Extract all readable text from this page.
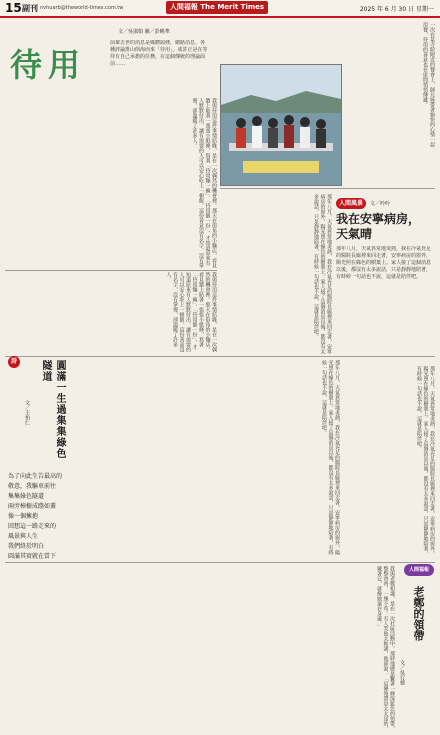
15 副刊 nvhuarb@theworld-times.com.tw	人間福報 The Merit Times	2025 年 6 月 30 日 星期一
待用
文／吳淑娟 圖／彭曉華
前輩去世的消息是媒體頭條，網路消息、各種評論排山倒海而來「待用」，成許正是在等待有自己承擔的任務，在這個傳統的理論面前……

我與待用這件事情結緣，是在一次偶然的機會裡。那天在街角的小麵店，看見牆上貼著一張張小紙條，寫著「待用麵一碗」、「待用飯一份」，才知道原來有人默默付出，讓有需要的人可以安心吃上一頓飯。這份善意沒有名字，沒有掌聲，卻溫暖了許多人。

我與待用這件事情結緣，是在一次偶然的機會裡。那天在街角的小麵店，看見牆上貼著一張張小紙條，寫著「待用麵一碗」、「待用飯一份」，才知道原來有人默默付出，讓有需要的人可以安心吃上一頓飯。這份善意沒有名字，沒有掌聲，卻溫暖了許多人。

一次在某寺院附近的餐會上，師兄姊帶著愉快的心情一起用餐，待用的善意也在席間悄悄傳遞。
人間風景	文／吟吟
我在安寧病房，天氣晴

那年八月，天氣異常地炎熱，我在冷氣充足的醫院長廊裡來回走著，安寧病房的窗外，陽光照在綠色的樹葉上。家人接了這個消息以後，都沒有太多說話，只是靜靜地陪著，有時候一句話也不說，這就是陪伴吧。	那年八月，天氣異常地炎熱，我在冷氣充足的醫院長廊裡來回走著，安寧病房的窗外，陽光照在綠色的樹葉上。家人接了這個消息以後，都沒有太多說話，只是靜靜地陪著，有時候一句話也不說，這就是陪伴吧。
詩	圓滿一生過集集綠色隧道
文／王怡仁
為了向此生告最高的
敬意，我驅車前往
集集綠色隧道
兩旁樟樹成蔭如蓋
像一個擁抱
回想這一路走來的
風景與人生
我們終於明白
圓滿其實就在當下

那年八月，天氣異常地炎熱，我在冷氣充足的醫院長廊裡來回走著，安寧病房的窗外，陽光照在綠色的樹葉上。家人接了這個消息以後，都沒有太多說話，只是靜靜地陪著，有時候一句話也不說，這就是陪伴吧。	那年八月，天氣異常地炎熱，我在冷氣充足的醫院長廊裡來回走著，安寧病房的窗外，陽光照在綠色的樹葉上。家人接了這個消息以後，都沒有太多說話，只是靜靜地陪著，有時候一句話也不說，這就是陪伴吧。

我與老鄭相識，是在一次社區活動中。那時他總是繫著一條深藍色的領帶，整整齊齊，一絲不苟。有人笑他太拘謹，他卻說：「這條領帶是太太送的，戴著它，就像她還在身邊。」	人間福報
老鄭的領帶
文／吳行德
